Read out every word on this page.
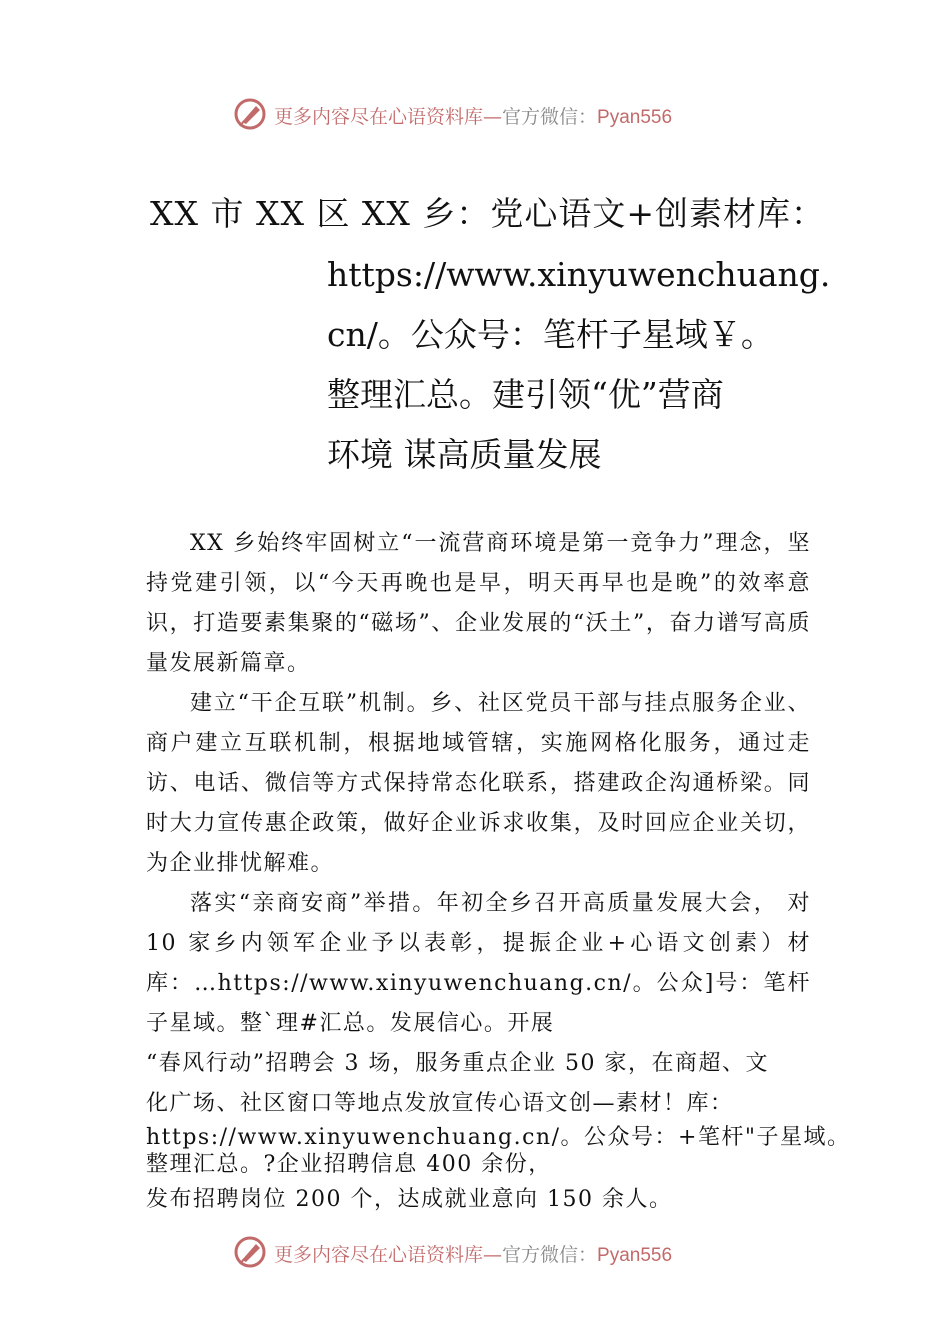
更多内容尽在心语资料库—官方微信：Pyan556
XX 市 XX 区 XX 乡：党心语文+创素材库：
https://www.xinyuwenchuang.
cn/。公众号：笔杆子星域￥。
整理汇总。建引领“优”营商
环境 谋高质量发展

XX 乡始终牢固树立“一流营商环境是第一竞争力”理念，坚持党建引领，以“今天再晚也是早，明天再早也是晚”的效率意识，打造要素集聚的“磁场”、企业发展的“沃土”，奋力谱写高质量发展新篇章。

建立“干企互联”机制。乡、社区党员干部与挂点服务企业、商户建立互联机制，根据地域管辖，实施网格化服务，通过走访、电话、微信等方式保持常态化联系，搭建政企沟通桥梁。同时大力宣传惠企政策，做好企业诉求收集，及时回应企业关切，为企业排忧解难。

落实“亲商安商”举措。年初全乡召开高质量发展大会， 对 10 家乡内领军企业予以表彰，提振企业+心语文创素）材库：…https://www.xinyuwenchuang.cn/。公众]号：笔杆子星域。整`理#汇总。发展信心。开展

“春风行动”招聘会 3 场，服务重点企业 50 家，在商超、文
化广场、社区窗口等地点发放宣传心语文创—素材！库：
https://www.xinyuwenchuang.cn/。公众号：+笔杆"子星域。
整理汇总。?企业招聘信息 400 余份，
发布招聘岗位 200 个，达成就业意向 150 余人。
更多内容尽在心语资料库—官方微信：Pyan556
